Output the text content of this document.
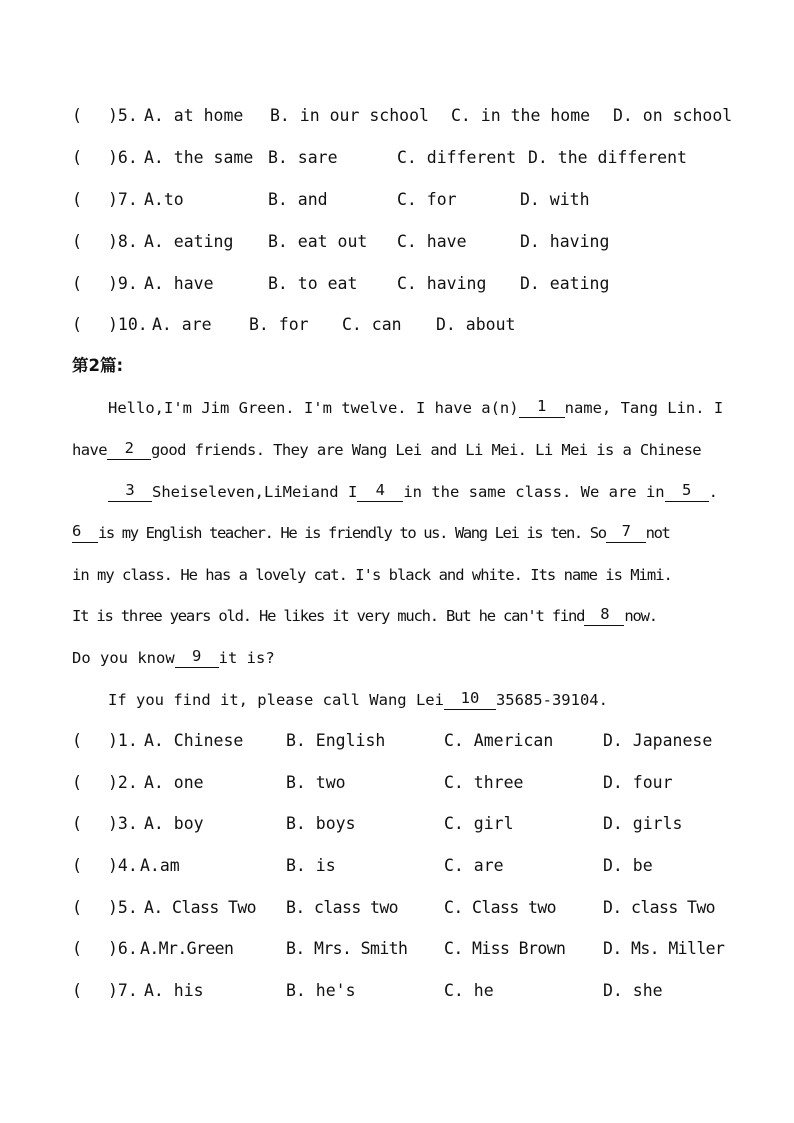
( )5. A. at home B. in our school C. in the home D. on school
( )6. A. the same B. sare	C. different D. the different
( )7. A.to	B. and	C. for	D. with
( )8. A. eating B. eat out C. have	D. having
( )9. A. have	B. to eat C. having D. eating
( )10. A. are B. for C. can D. about
第2篇:
Hello,I'm Jim Green. I'm twelve. I have a(n) 1 name, Tang Lin. I
have 2 good friends. They are Wang Lei and Li Mei. Li Mei is a Chinese
3 Sheiseleven,LiMeiand I 4 in the same class. We are in 5 .
6 is my English teacher. He is friendly to us. Wang Lei is ten. So 7 not
in my class. He has a lovely cat. I's black and white. Its name is Mimi.
It is three years old. He likes it very much. But he can't find 8 now.
Do you know 9 it is?
If you find it, please call Wang Lei 10 35685-39104.
( )1. A. Chinese	B. English	C. American	D. Japanese
( )2. A. one	B. two	C. three	D. four
( )3. A. boy	B. boys	C. girl	D. girls
( )4. A.am	B. is	C. are	D. be
( )5. A. Class Two B. class two	C. Class two	D. class Two
( )6. A.Mr.Green	B. Mrs. Smith C. Miss Brown D. Ms. Miller
( )7. A. his	B. he's	C. he	D. she
